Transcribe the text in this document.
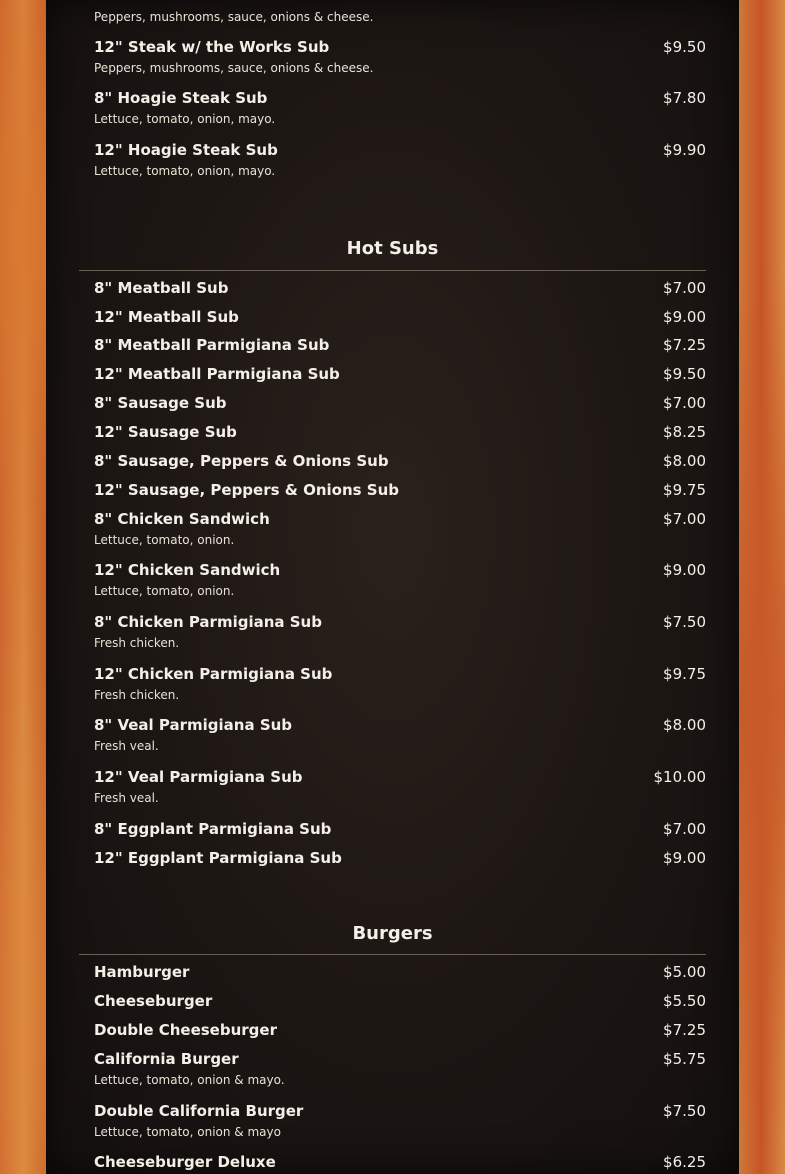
Peppers, mushrooms, sauce, onions & cheese.
12" Steak w/ the Works Sub	$9.50
Peppers, mushrooms, sauce, onions & cheese.
8" Hoagie Steak Sub	$7.80
Lettuce, tomato, onion, mayo.
12" Hoagie Steak Sub	$9.90
Lettuce, tomato, onion, mayo.
Hot Subs
8" Meatball Sub	$7.00
12" Meatball Sub	$9.00
8" Meatball Parmigiana Sub	$7.25
12" Meatball Parmigiana Sub	$9.50
8" Sausage Sub	$7.00
12" Sausage Sub	$8.25
8" Sausage, Peppers & Onions Sub	$8.00
12" Sausage, Peppers & Onions Sub	$9.75
8" Chicken Sandwich	$7.00
Lettuce, tomato, onion.
12" Chicken Sandwich	$9.00
Lettuce, tomato, onion.
8" Chicken Parmigiana Sub	$7.50
Fresh chicken.
12" Chicken Parmigiana Sub	$9.75
Fresh chicken.
8" Veal Parmigiana Sub	$8.00
Fresh veal.
12" Veal Parmigiana Sub	$10.00
Fresh veal.
8" Eggplant Parmigiana Sub	$7.00
12" Eggplant Parmigiana Sub	$9.00
Burgers
Hamburger	$5.00
Cheeseburger	$5.50
Double Cheeseburger	$7.25
California Burger	$5.75
Lettuce, tomato, onion & mayo.
Double California Burger	$7.50
Lettuce, tomato, onion & mayo
Cheeseburger Deluxe	$6.25
